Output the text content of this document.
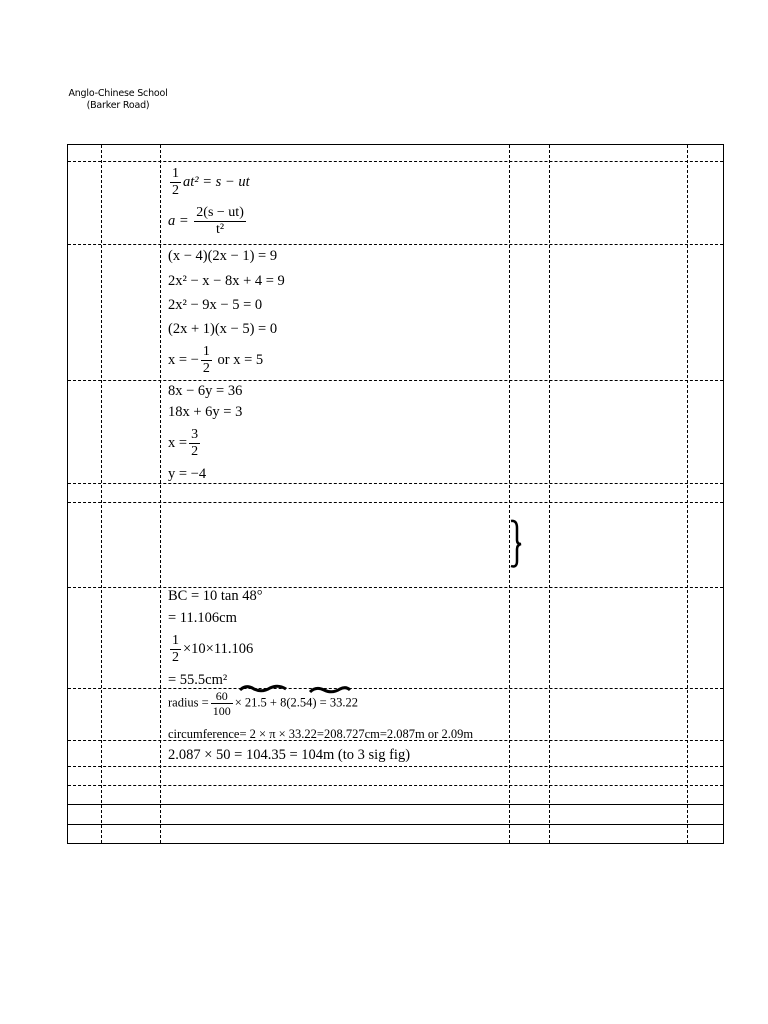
Anglo-Chinese School
(Barker Road)
$\frac{1}{2} at^2 = s$ − ut
$a = \frac{2(s - ut)}{\text{t²}}$
(x − 4)(2x − 1) = 9
2x² − x − 8x + 4 = 9
2x² − 9x − 5 = 0
(2x + 1)(x − 5) = 0
x = − $\frac{1}{2}$ or x = 5
8x − 6y = 36
18x + 6y = 3
$x = \frac{3}{2}$
y = −4
BC = 10 tan 48°
= 11.106cm
$\frac{1}{2} \times 10\times 11.106$
= 55.5cm²
radius = $\frac{60}{100} \times 21.5 + 8(2.54) = 33.22$
circumference= 2 × π × 33.22=208.727cm=2.087m or 2.09m
2.087 × 50 = 104.35 = 104m (to 3 sig fig)
